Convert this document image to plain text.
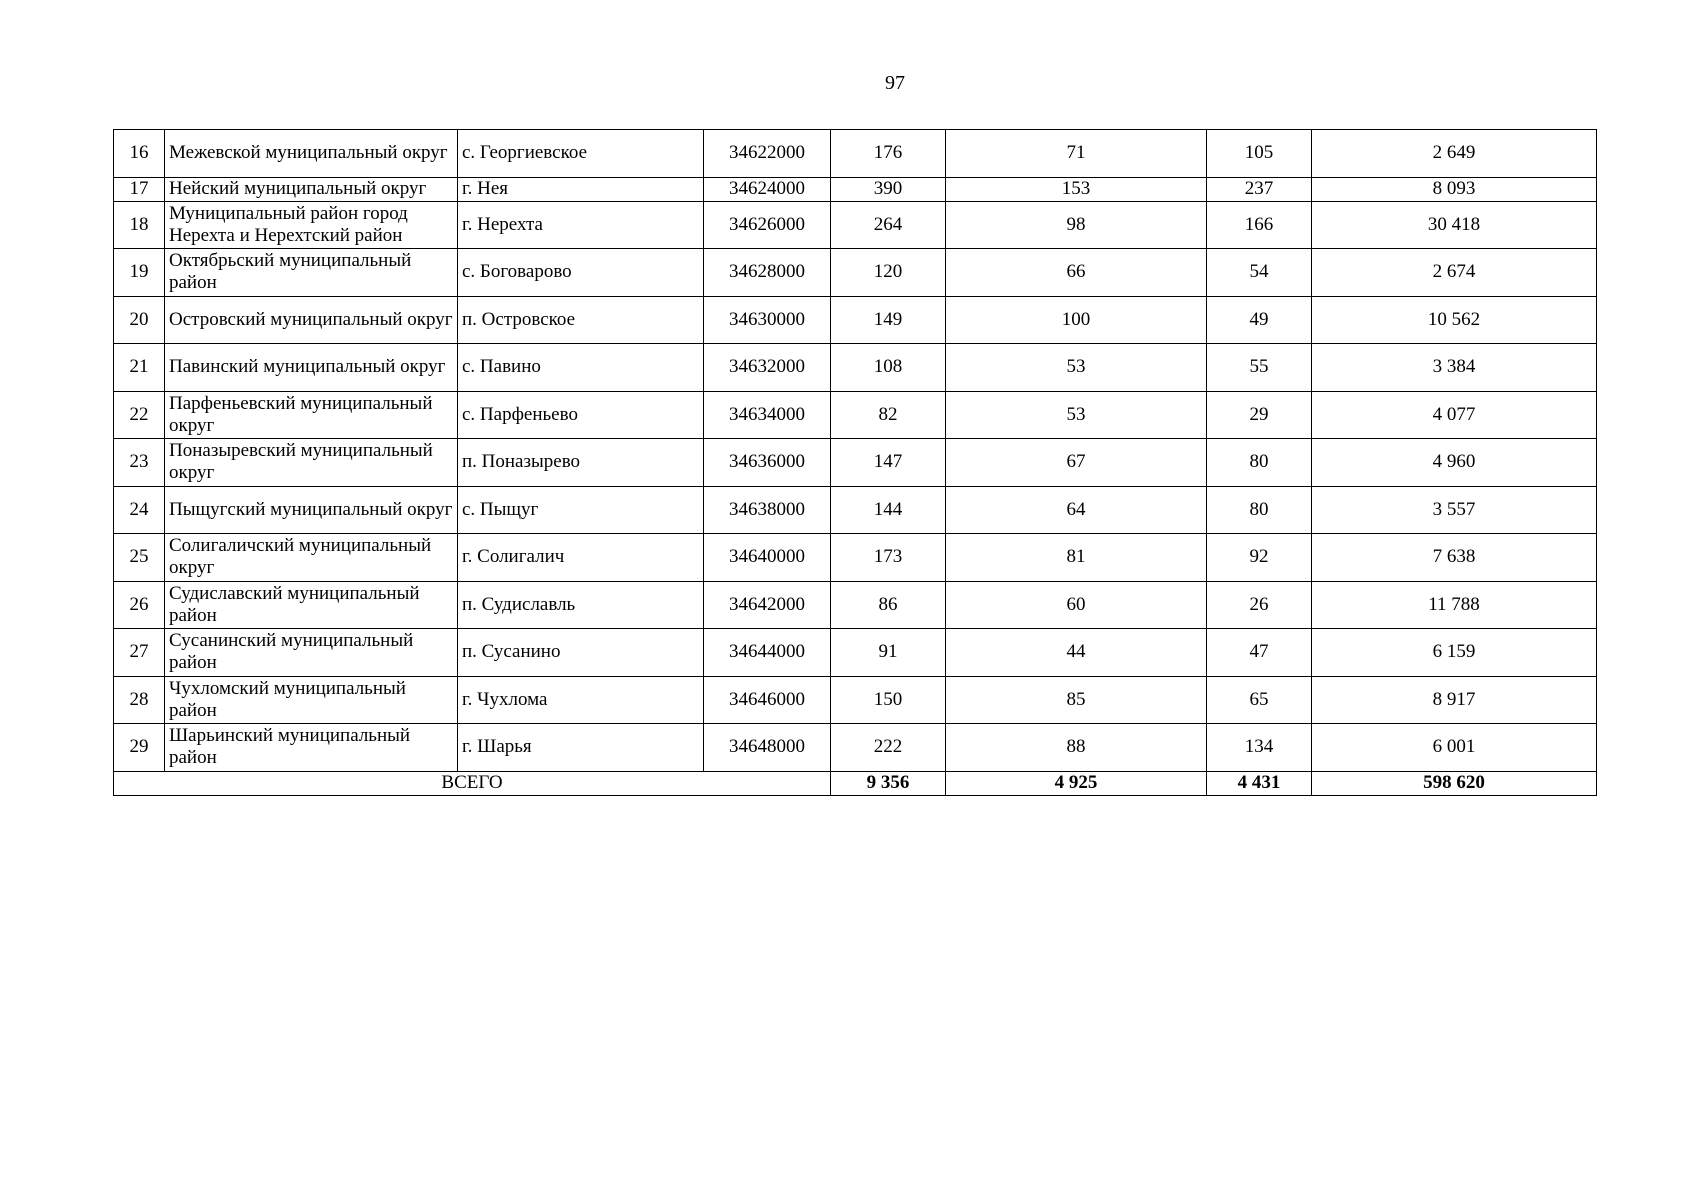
97
16	Межевской муниципальный округ	с. Георгиевское	34622000	176	71	105	2 649
17	Нейский муниципальный округ	г. Нея	34624000	390	153	237	8 093
18	Муниципальный район город Нерехта и Нерехтский район	г. Нерехта	34626000	264	98	166	30 418
19	Октябрьский муниципальный район	с. Боговарово	34628000	120	66	54	2 674
20	Островский муниципальный округ	п. Островское	34630000	149	100	49	10 562
21	Павинский муниципальный округ	с. Павино	34632000	108	53	55	3 384
22	Парфеньевский муниципальный округ	с. Парфеньево	34634000	82	53	29	4 077
23	Поназыревский муниципальный округ	п. Поназырево	34636000	147	67	80	4 960
24	Пыщугский муниципальный округ	с. Пыщуг	34638000	144	64	80	3 557
25	Солигаличский муниципальный округ	г. Солигалич	34640000	173	81	92	7 638
26	Судиславский муниципальный район	п. Судиславль	34642000	86	60	26	11 788
27	Сусанинский муниципальный район	п. Сусанино	34644000	91	44	47	6 159
28	Чухломский муниципальный район	г. Чухлома	34646000	150	85	65	8 917
29	Шарьинский муниципальный район	г. Шарья	34648000	222	88	134	6 001
ВСЕГО				9 356	4 925	4 431	598 620
